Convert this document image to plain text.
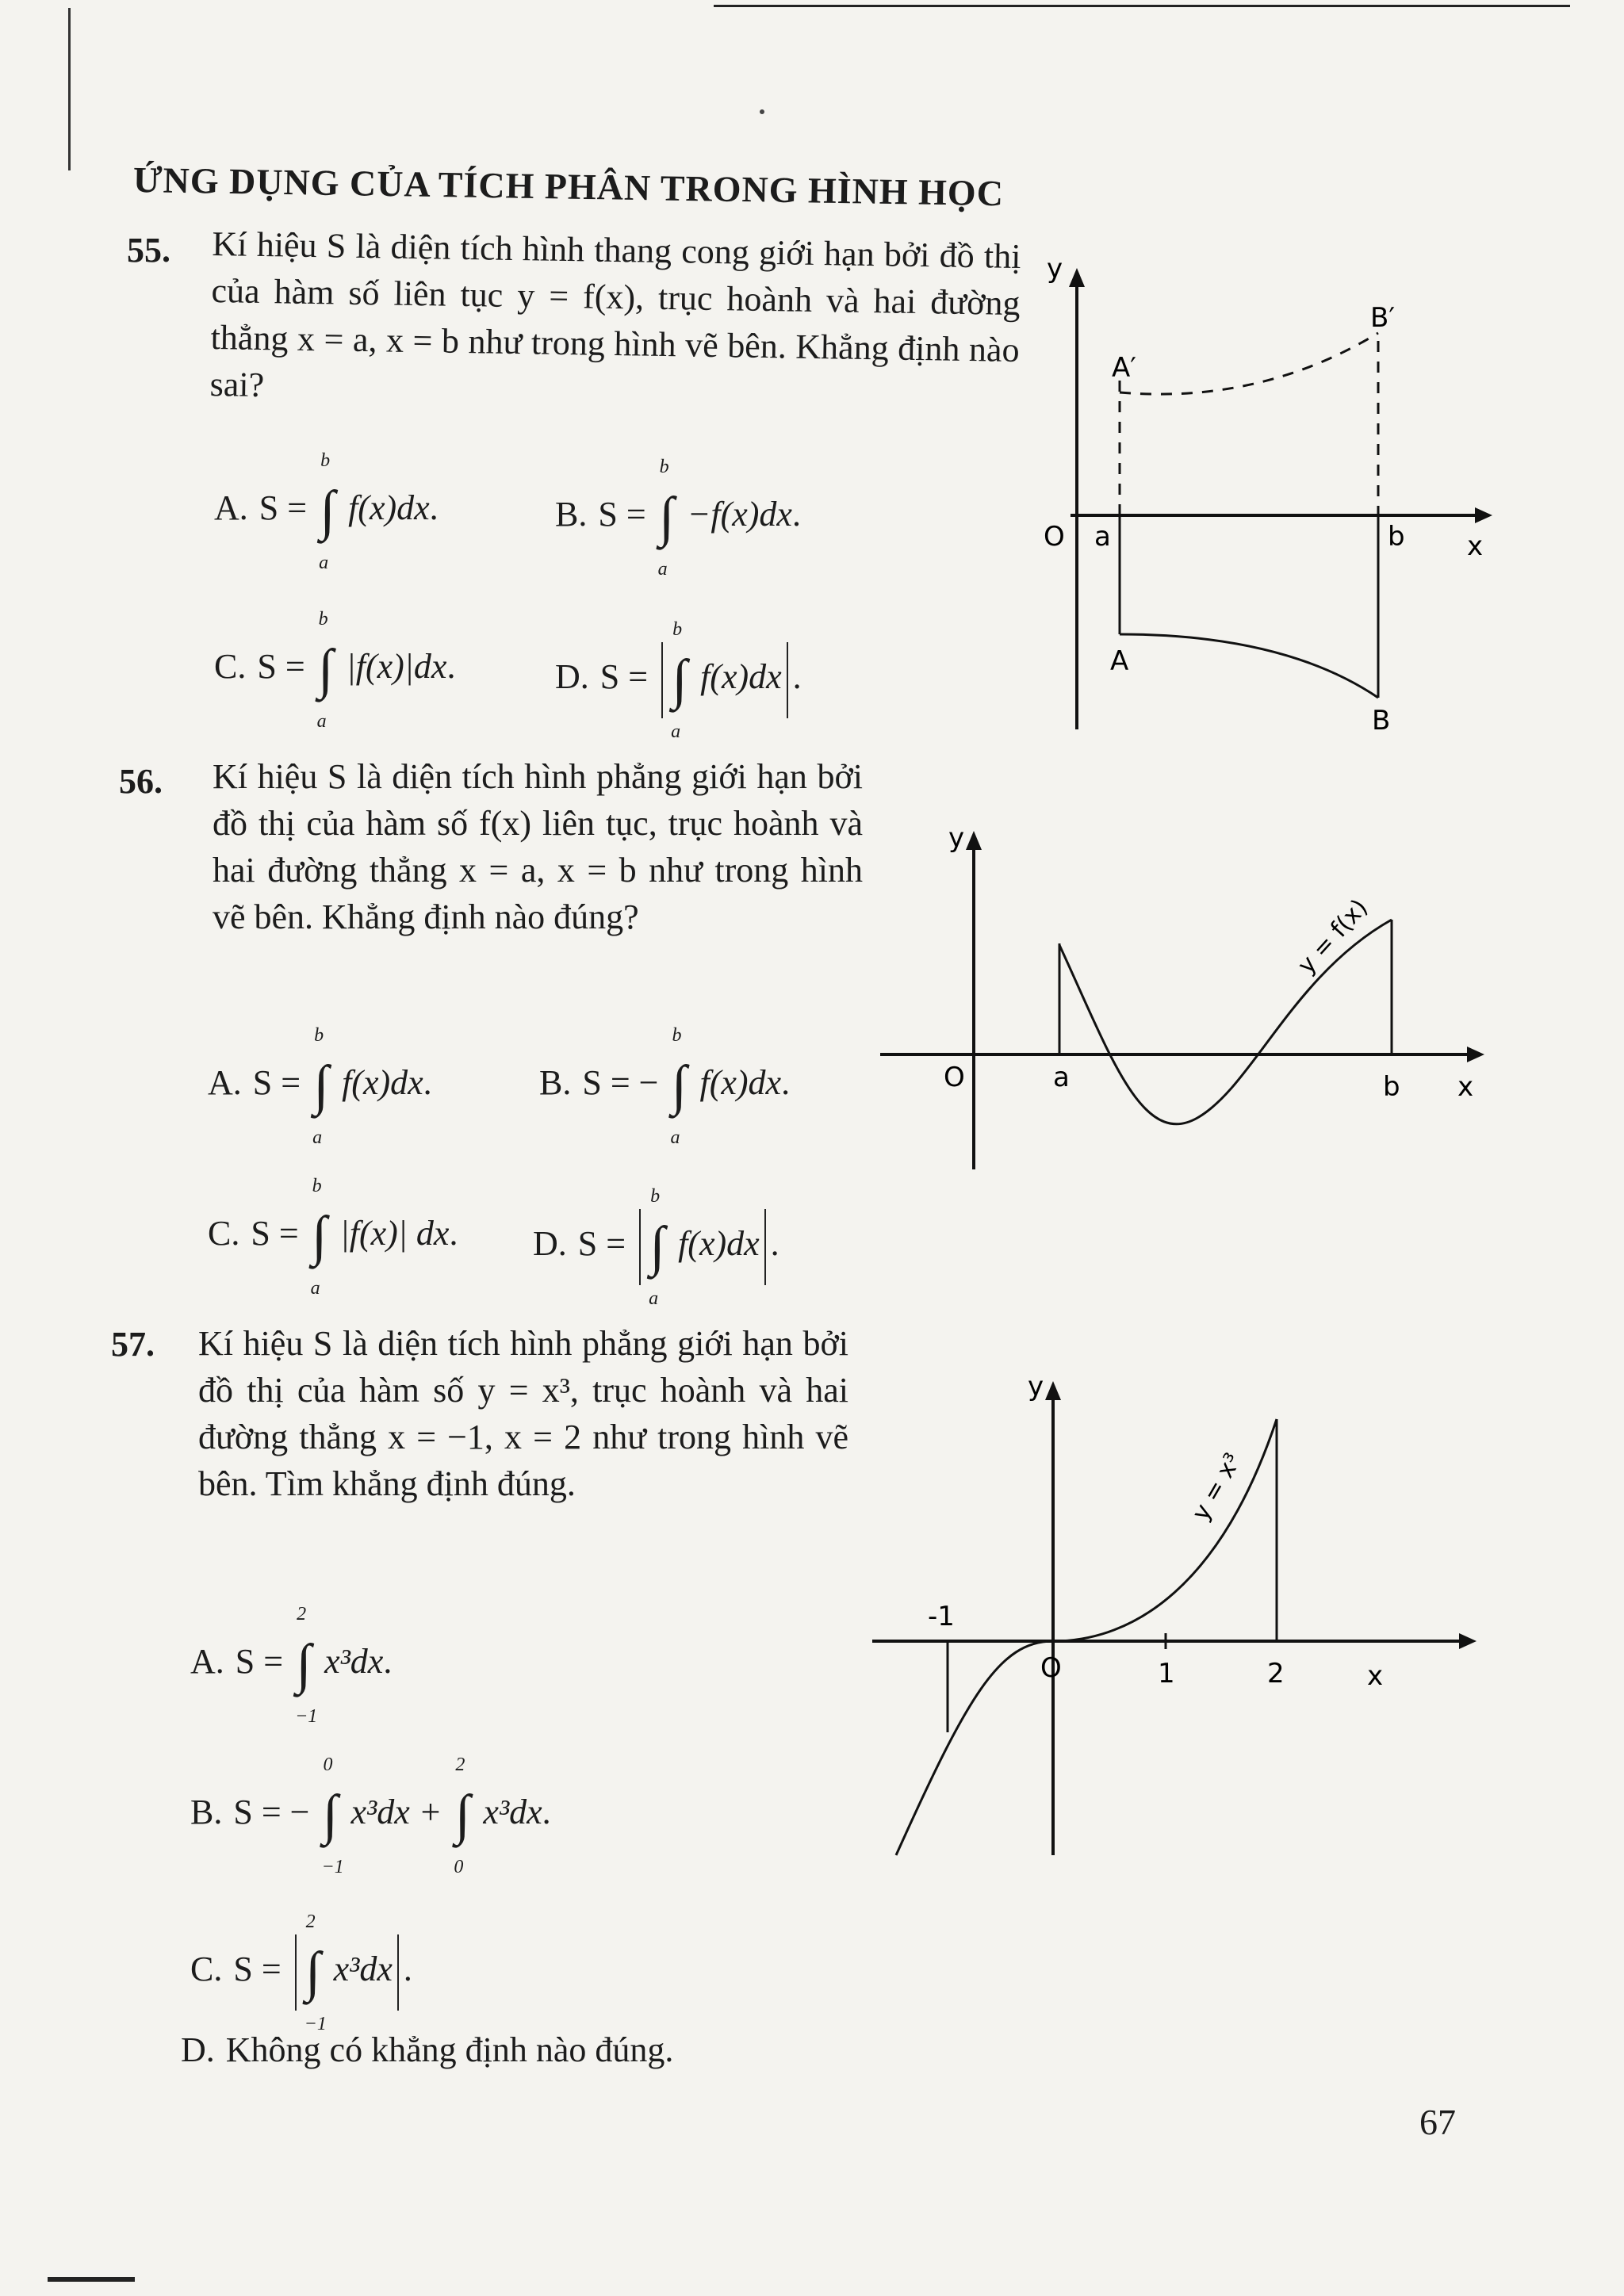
ỨNG DỤNG CỦA TÍCH PHÂN TRONG HÌNH HỌC
55. Kí hiệu S là diện tích hình thang cong giới hạn bởi đồ thị của hàm số liên tục y = f(x), trục hoành và hai đường thẳng x = a, x = b như trong hình vẽ bên. Khẳng định nào sai?
A. S =
b
∫
a
f(x)dx.	B. S =
b
∫
a
−f(x)dx.
C. S =
b
∫
a
|f(x)|dx.	D. S =
b
∫
a
f(x)dx .
y
x
O a	b
A
B
A′
B′
56. Kí hiệu S là diện tích hình phẳng giới hạn bởi đồ thị của hàm số f(x) liên tục, trục hoành và hai đường thẳng x = a, x = b như trong hình vẽ bên. Khẳng định nào đúng?
A. S =
b
∫
a
f(x)dx.	B. S = −
b
∫
a
f(x)dx.
C. S =
b
∫
a
|f(x)| dx. D. S =
b
∫
a
f(x)dx .
y
x
O	a	b
y = f(x)
57. Kí hiệu S là diện tích hình phẳng giới hạn bởi đồ thị của hàm số y = x³, trục hoành và hai đường thẳng x = −1, x = 2 như trong hình vẽ bên. Tìm khẳng định đúng.
A. S =
2
∫
−1
x³dx.
B. S = −
0
∫
−1
x³dx +
2
∫
0
x³dx.
C. S =
2
∫
−1
x³dx .
D. Không có khẳng định nào đúng.
y
x
O
-1
1	2
y = x³
67
